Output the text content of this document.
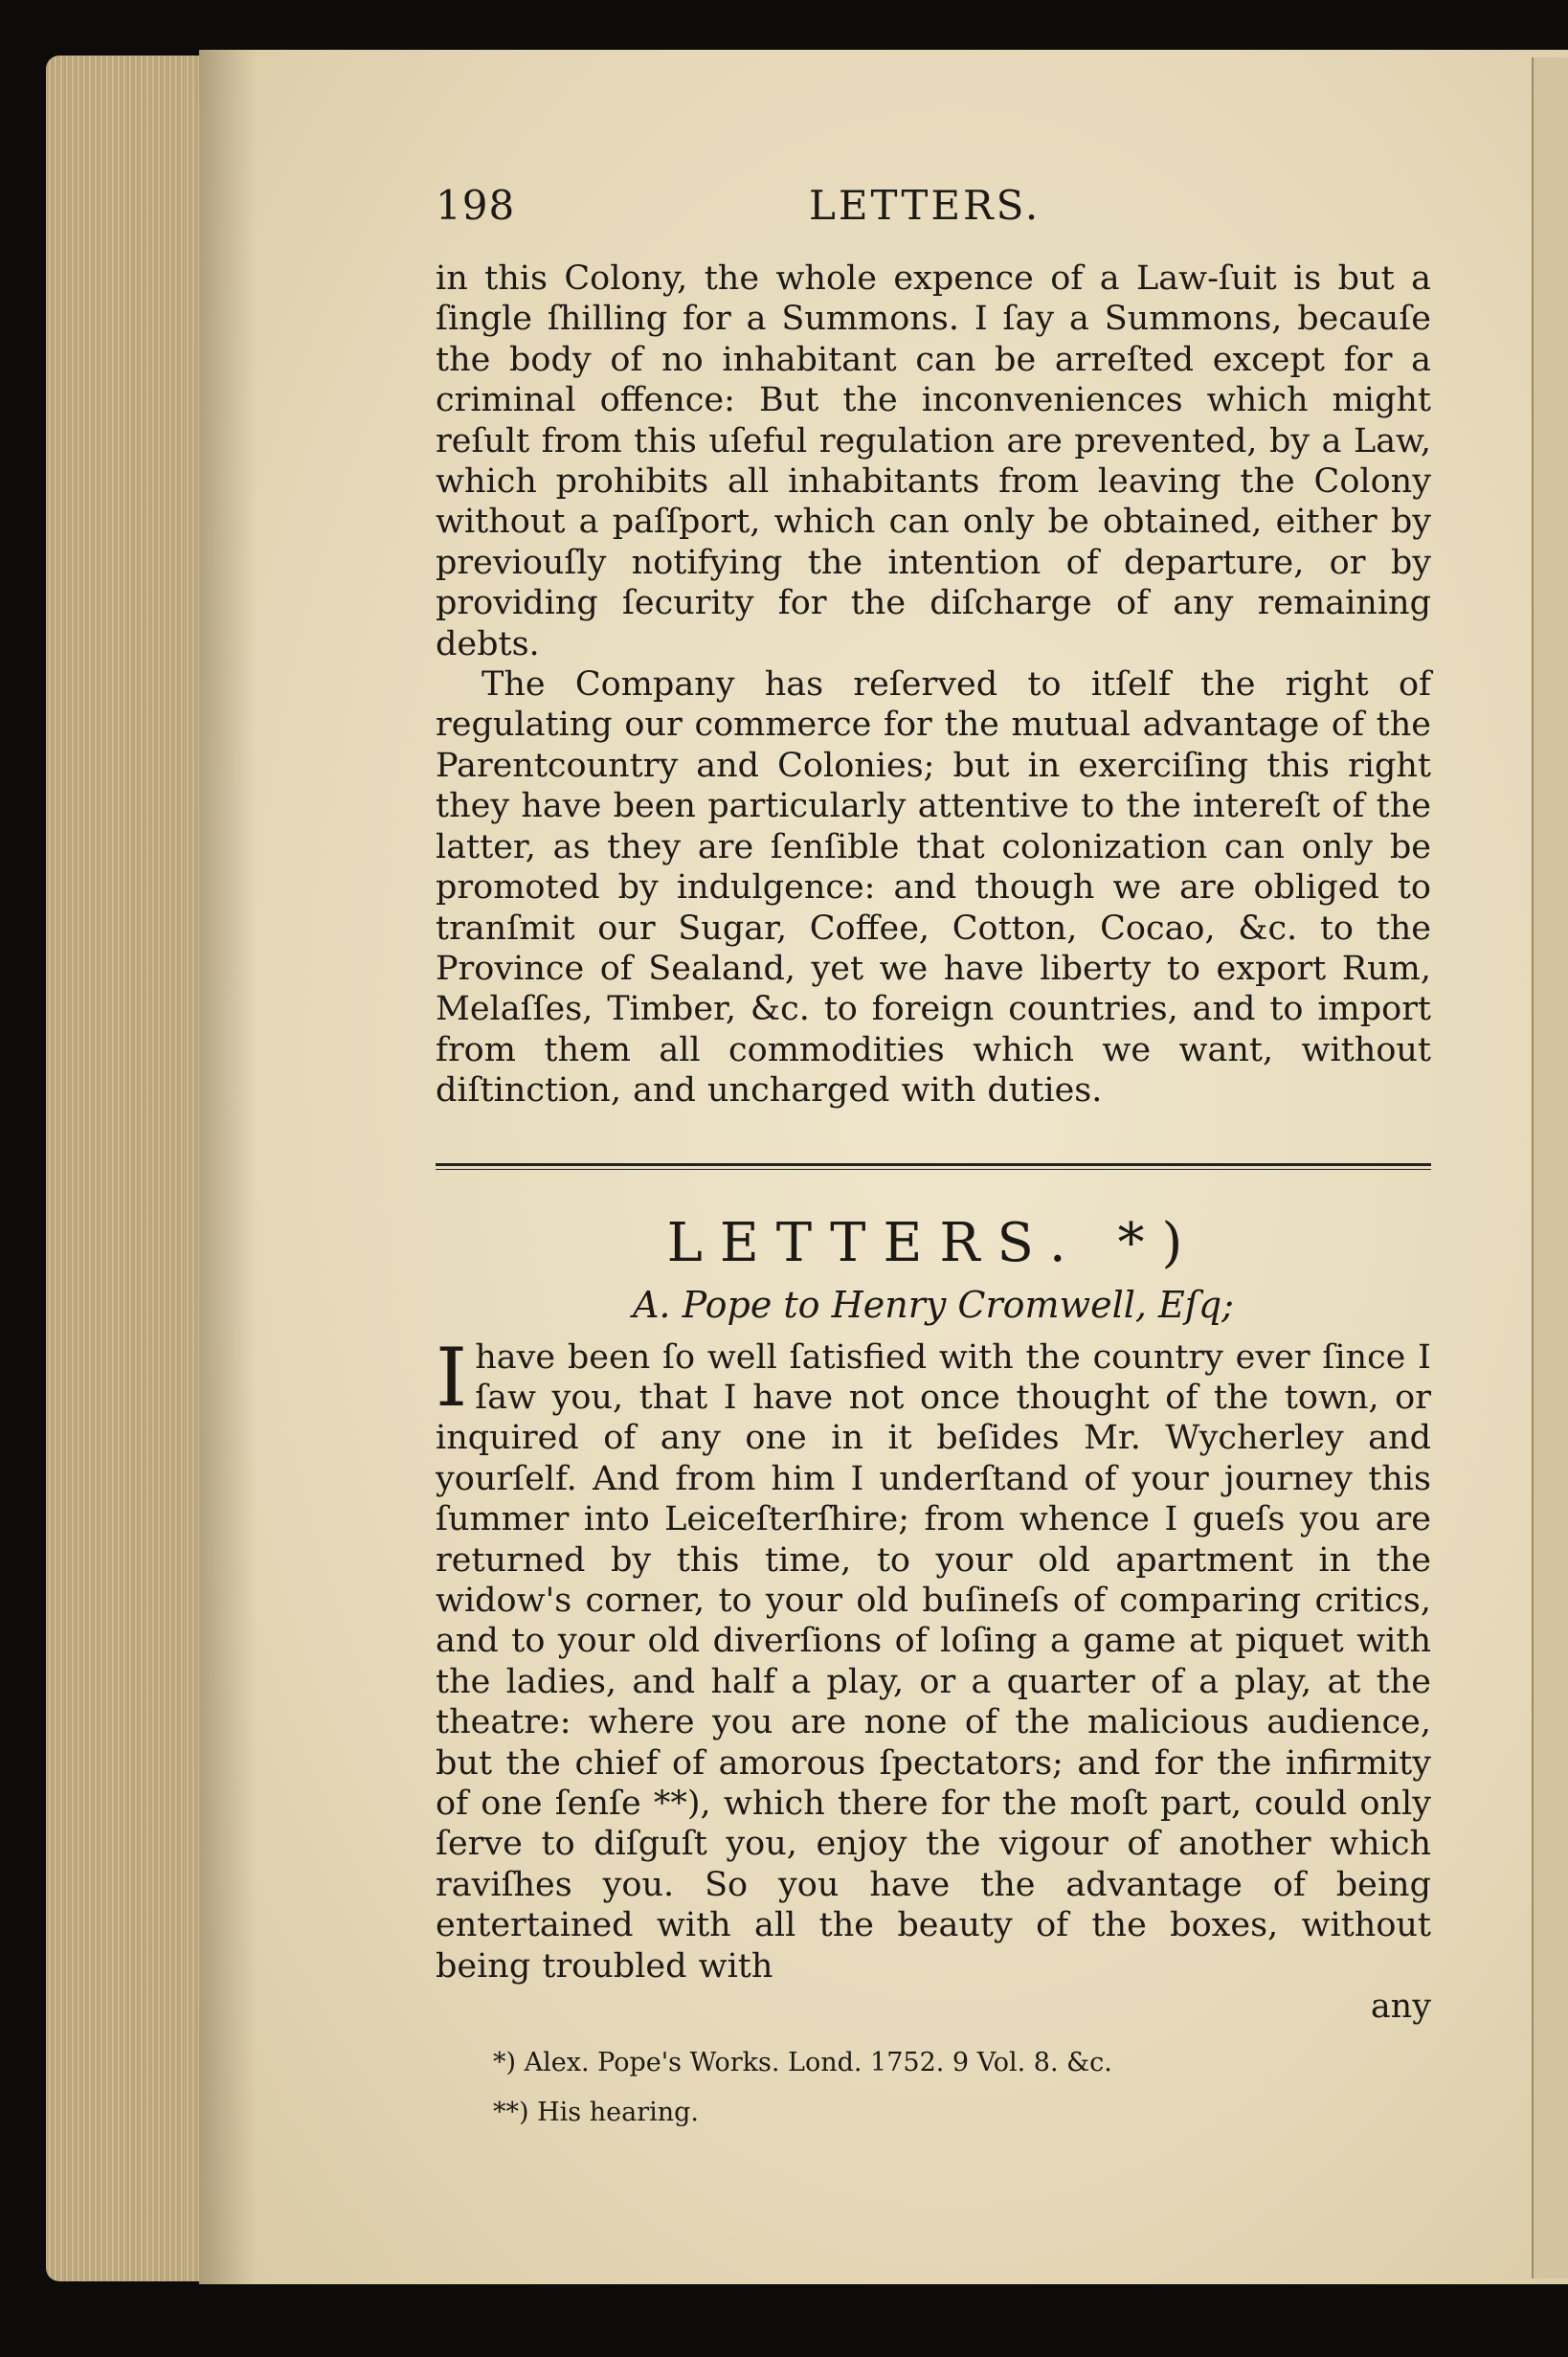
198	LETTERS.

in this Colony, the whole expence of a Law-ſuit is but a ſingle ſhilling for a Summons. I ſay a Summons, becauſe the body of no inhabitant can be arreſted except for a criminal offence: But the inconveniences which might reſult from this uſeful regulation are prevented, by a Law, which prohibits all inhabitants from leaving the Colony without a paſſport, which can only be obtained, either by previouſly notifying the intention of departure, or by providing ſecurity for the diſcharge of any remaining debts.

The Company has reſerved to itſelf the right of regulating our commerce for the mutual advantage of the Parentcountry and Colonies; but in exerciſing this right they have been particularly attentive to the intereſt of the latter, as they are ſenſible that colonization can only be promoted by indulgence: and though we are obliged to tranſmit our Sugar, Coffee, Cotton, Cocao, &c. to the Province of Sealand, yet we have liberty to export Rum, Melaſſes, Timber, &c. to foreign countries, and to import from them all commodities which we want, without diſtinction, and uncharged with duties.

LETTERS. *)
A. Pope to Henry Cromwell, Eſq;

Ihave been ſo well ſatisfied with the country ever ſince I ſaw you, that I have not once thought of the town, or inquired of any one in it beſides Mr. Wycherley and yourſelf. And from him I underſtand of your journey this ſummer into Leiceſterſhire; from whence I gueſs you are returned by this time, to your old apartment in the widow's corner, to your old buſineſs of comparing critics, and to your old diverſions of loſing a game at piquet with the ladies, and half a play, or a quarter of a play, at the theatre: where you are none of the malicious audience, but the chief of amorous ſpectators; and for the infirmity of one ſenſe **), which there for the moſt part, could only ſerve to diſguſt you, enjoy the vigour of another which raviſhes you. So you have the advantage of being entertained with all the beauty of the boxes, without being troubled with

any

*) Alex. Pope's Works. Lond. 1752. 9 Vol. 8. &c.

**) His hearing.
